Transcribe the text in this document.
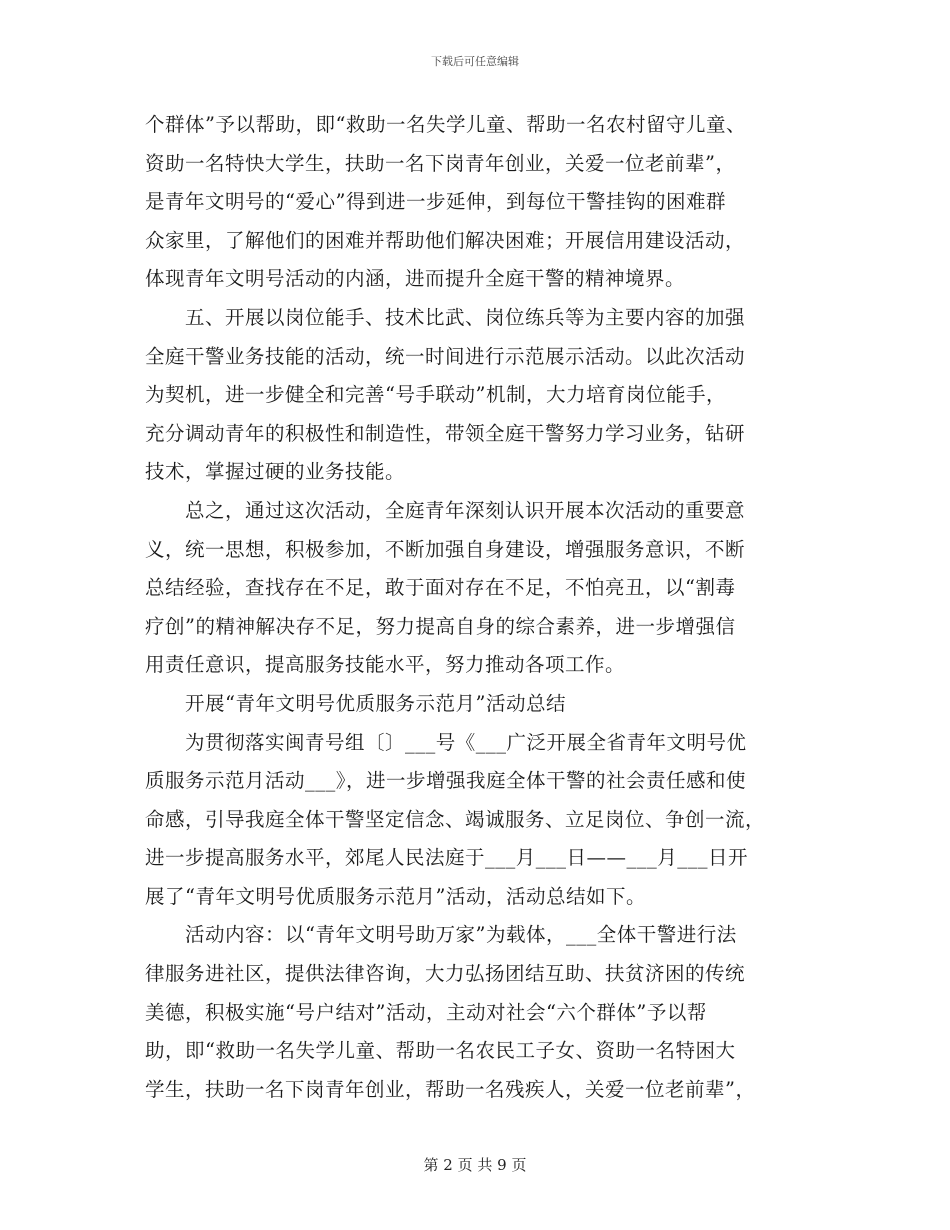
下载后可任意编辑
个群体”予以帮助，即“救助一名失学儿童、帮助一名农村留守儿童、
资助一名特快大学生，扶助一名下岗青年创业，关爱一位老前辈”，
是青年文明号的“爱心”得到进一步延伸，到每位干警挂钩的困难群
众家里，了解他们的困难并帮助他们解决困难；开展信用建设活动，
体现青年文明号活动的内涵，进而提升全庭干警的精神境界。
　　五、开展以岗位能手、技术比武、岗位练兵等为主要内容的加强
全庭干警业务技能的活动，统一时间进行示范展示活动。以此次活动
为契机，进一步健全和完善“号手联动”机制，大力培育岗位能手，
充分调动青年的积极性和制造性，带领全庭干警努力学习业务，钻研
技术，掌握过硬的业务技能。
　　总之，通过这次活动，全庭青年深刻认识开展本次活动的重要意
义，统一思想，积极参加，不断加强自身建设，增强服务意识，不断
总结经验，查找存在不足，敢于面对存在不足，不怕亮丑，以“割毒
疗创”的精神解决存不足，努力提高自身的综合素养，进一步增强信
用责任意识，提高服务技能水平，努力推动各项工作。
　　开展“青年文明号优质服务示范月”活动总结
　　为贯彻落实闽青号组〔〕___号《___广泛开展全省青年文明号优
质服务示范月活动___》，进一步增强我庭全体干警的社会责任感和使
命感，引导我庭全体干警坚定信念、竭诚服务、立足岗位、争创一流，
进一步提高服务水平，郊尾人民法庭于___月___日——___月___日开
展了“青年文明号优质服务示范月”活动，活动总结如下。
　　活动内容：以“青年文明号助万家”为载体，___全体干警进行法
律服务进社区，提供法律咨询，大力弘扬团结互助、扶贫济困的传统
美德，积极实施“号户结对”活动，主动对社会“六个群体”予以帮
助，即“救助一名失学儿童、帮助一名农民工子女、资助一名特困大
学生，扶助一名下岗青年创业，帮助一名残疾人，关爱一位老前辈”，
第 2 页 共 9 页
